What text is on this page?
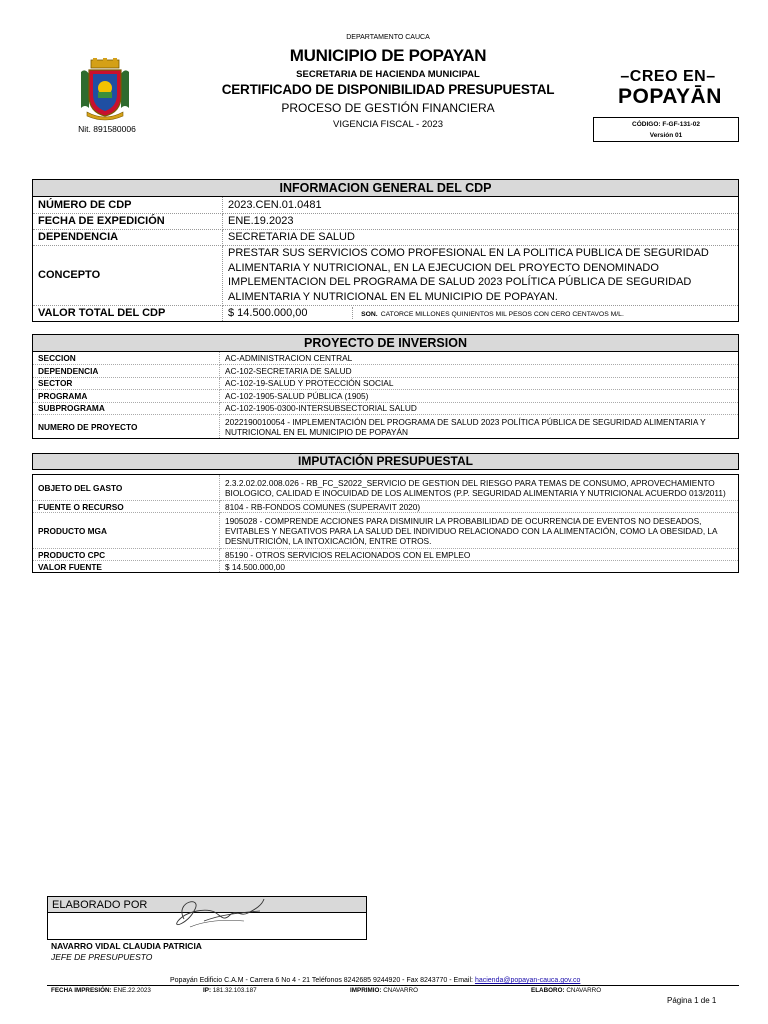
Nit. 891580006
DEPARTAMENTO CAUCA
MUNICIPIO DE POPAYAN
SECRETARIA DE HACIENDA MUNICIPAL
CERTIFICADO DE DISPONIBILIDAD PRESUPUESTAL
PROCESO DE GESTIÓN FINANCIERA
VIGENCIA FISCAL - 2023
–CREO EN–
POPAYĀN
CÓDIGO: F-GF-131-02
Versión 01
INFORMACION GENERAL DEL CDP
NÚMERO DE CDP	2023.CEN.01.0481
FECHA DE EXPEDICIÓN	ENE.19.2023
DEPENDENCIA	SECRETARIA DE SALUD
CONCEPTO	PRESTAR SUS SERVICIOS COMO PROFESIONAL EN LA POLITICA PUBLICA DE SEGURIDAD ALIMENTARIA Y NUTRICIONAL, EN LA EJECUCION DEL PROYECTO DENOMINADO IMPLEMENTACION DEL PROGRAMA DE SALUD 2023 POLÍTICA PÚBLICA DE SEGURIDAD ALIMENTARIA Y NUTRICIONAL EN EL MUNICIPIO DE POPAYAN.
VALOR TOTAL DEL CDP	$ 14.500.000,00 SON. CATORCE MILLONES QUINIENTOS MIL PESOS CON CERO CENTAVOS M/L.
PROYECTO DE INVERSION
SECCION	AC-ADMINISTRACION CENTRAL
DEPENDENCIA	AC-102-SECRETARIA DE SALUD
SECTOR	AC-102-19-SALUD Y PROTECCIÓN SOCIAL
PROGRAMA	AC-102-1905-SALUD PÚBLICA (1905)
SUBPROGRAMA	AC-102-1905-0300-INTERSUBSECTORIAL SALUD
NUMERO DE PROYECTO	2022190010054 - IMPLEMENTACIÓN DEL PROGRAMA DE SALUD 2023 POLÍTICA PÚBLICA DE SEGURIDAD ALIMENTARIA Y NUTRICIONAL EN EL MUNICIPIO DE POPAYÁN
IMPUTACIÓN PRESUPUESTAL
OBJETO DEL GASTO	2.3.2.02.02.008.026 - RB_FC_S2022_SERVICIO DE GESTION DEL RIESGO PARA TEMAS DE CONSUMO, APROVECHAMIENTO BIOLOGICO, CALIDAD E INOCUIDAD DE LOS ALIMENTOS (P.P. SEGURIDAD ALIMENTARIA Y NUTRICIONAL ACUERDO 013/2011)
FUENTE O RECURSO	8104 - RB-FONDOS COMUNES (SUPERAVIT 2020)
PRODUCTO MGA	1905028 - COMPRENDE ACCIONES PARA DISMINUIR LA PROBABILIDAD DE OCURRENCIA DE EVENTOS NO DESEADOS, EVITABLES Y NEGATIVOS PARA LA SALUD DEL INDIVIDUO RELACIONADO CON LA ALIMENTACIÓN, COMO LA OBESIDAD, LA DESNUTRICIÓN, LA INTOXICACIÓN, ENTRE OTROS.
PRODUCTO CPC	85190 - OTROS SERVICIOS RELACIONADOS CON EL EMPLEO
VALOR FUENTE	$ 14.500.000,00
ELABORADO POR
NAVARRO VIDAL CLAUDIA PATRICIA
JEFE DE PRESUPUESTO
Popayán Edificio C.A.M - Carrera 6 No 4 - 21 Teléfonos 8242685 9244920 - Fax 8243770 - Email: hacienda@popayan-cauca.gov.co
FECHA IMPRESIÓN: ENE.22.2023	IP: 181.32.103.187	IMPRIMIO: CNAVARRO	ELABORO: CNAVARRO
Página 1 de 1
